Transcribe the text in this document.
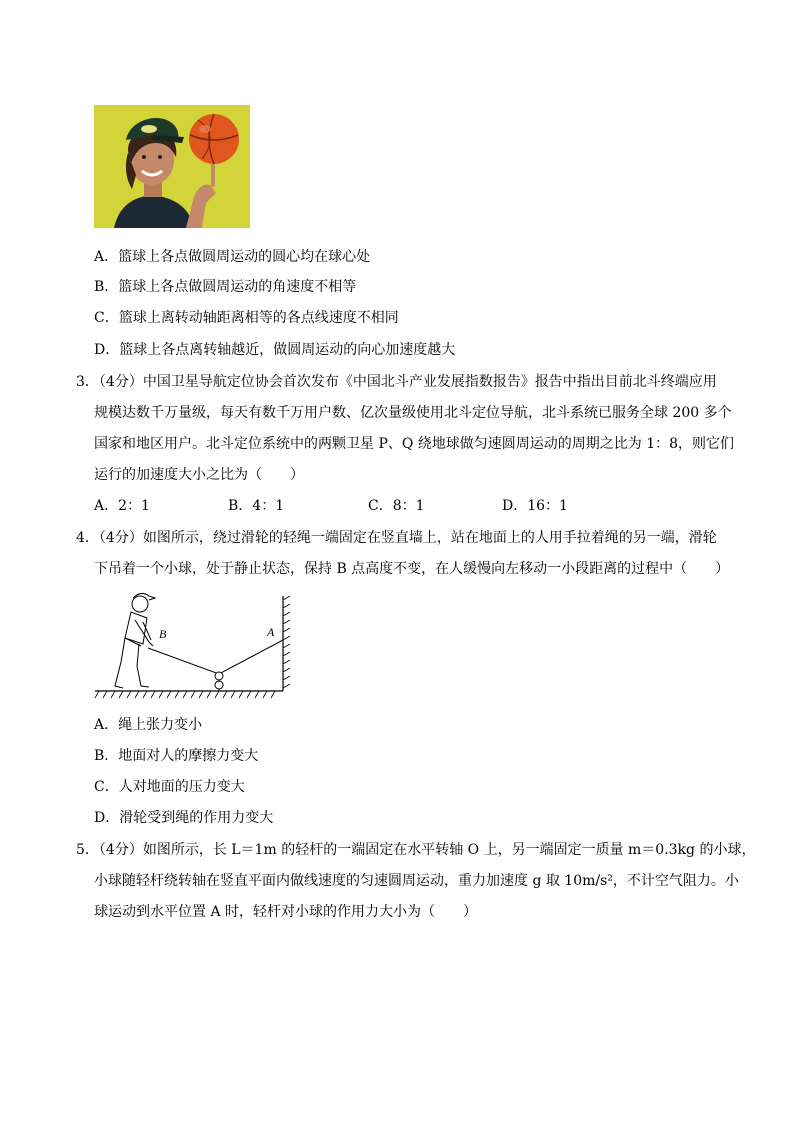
A．篮球上各点做圆周运动的圆心均在球心处
B．篮球上各点做圆周运动的角速度不相等
C．篮球上离转动轴距离相等的各点线速度不相同
D．篮球上各点离转轴越近，做圆周运动的向心加速度越大
3．（4分）中国卫星导航定位协会首次发布《中国北斗产业发展指数报告》报告中指出目前北斗终端应用
规模达数千万量级，每天有数千万用户数、亿次量级使用北斗定位导航，北斗系统已服务全球 200 多个
国家和地区用户。北斗定位系统中的两颗卫星 P、Q 绕地球做匀速圆周运动的周期之比为 1：8，则它们
运行的加速度大小之比为（　　）
A．2：1	B．4：1	C．8：1	D．16：1
4．（4分）如图所示，绕过滑轮的轻绳一端固定在竖直墙上，站在地面上的人用手拉着绳的另一端，滑轮
下吊着一个小球，处于静止状态，保持 B 点高度不变，在人缓慢向左移动一小段距离的过程中（　　）
B	A
A．绳上张力变小
B．地面对人的摩擦力变大
C．人对地面的压力变大
D．滑轮受到绳的作用力变大
5．（4分）如图所示，长 L＝1m 的轻杆的一端固定在水平转轴 O 上，另一端固定一质量 m＝0.3kg 的小球，
小球随轻杆绕转轴在竖直平面内做线速度的匀速圆周运动，重力加速度 g 取 10m/s²，不计空气阻力。小
球运动到水平位置 A 时，轻杆对小球的作用力大小为（　　）
